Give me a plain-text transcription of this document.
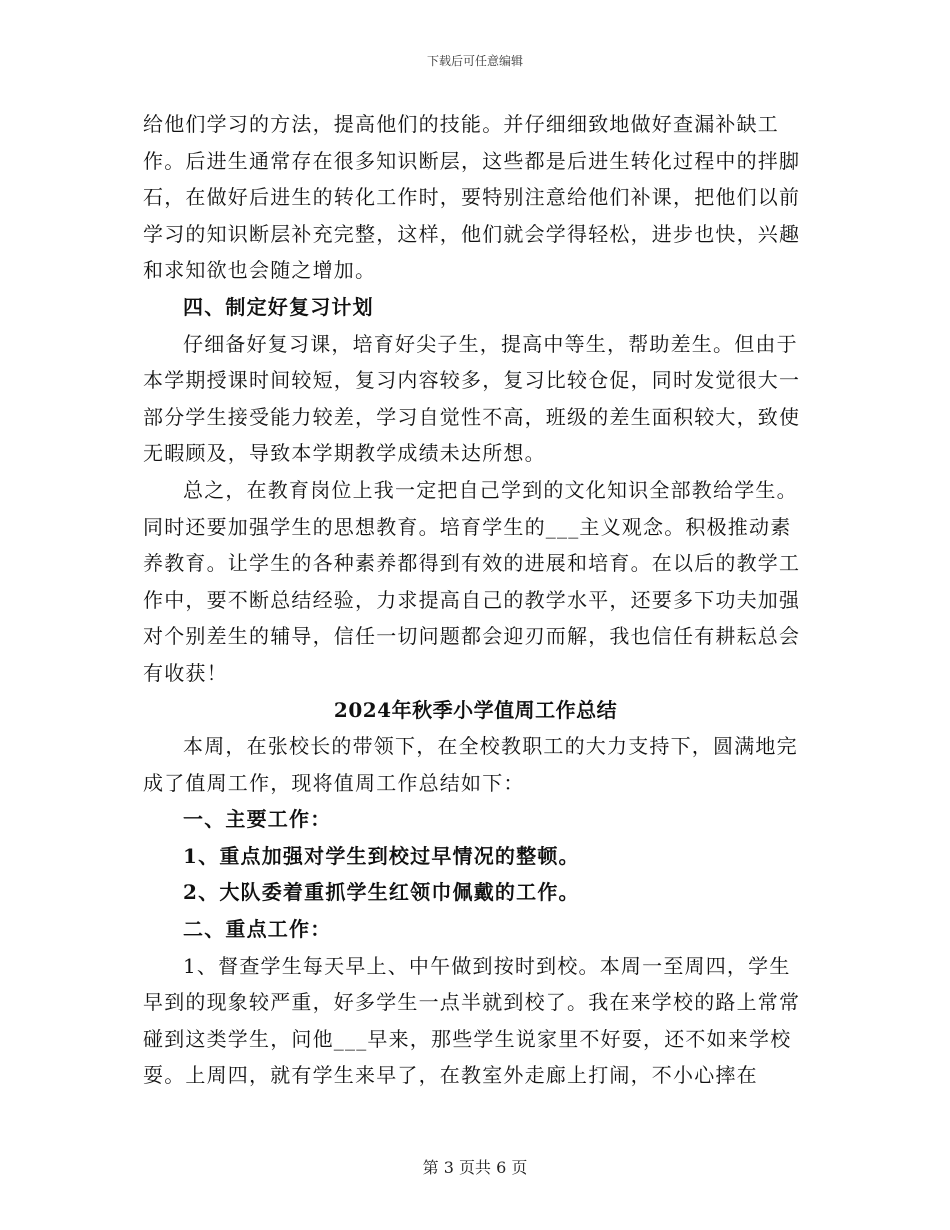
下载后可任意编辑

给他们学习的方法，提高他们的技能。并仔细细致地做好查漏补缺工作。后进生通常存在很多知识断层，这些都是后进生转化过程中的拌脚石，在做好后进生的转化工作时，要特别注意给他们补课，把他们以前学习的知识断层补充完整，这样，他们就会学得轻松，进步也快，兴趣和求知欲也会随之增加。

四、制定好复习计划

仔细备好复习课，培育好尖子生，提高中等生，帮助差生。但由于本学期授课时间较短，复习内容较多，复习比较仓促，同时发觉很大一部分学生接受能力较差，学习自觉性不高，班级的差生面积较大，致使无暇顾及，导致本学期教学成绩未达所想。

总之，在教育岗位上我一定把自己学到的文化知识全部教给学生。同时还要加强学生的思想教育。培育学生的___主义观念。积极推动素养教育。让学生的各种素养都得到有效的进展和培育。在以后的教学工作中，要不断总结经验，力求提高自己的教学水平，还要多下功夫加强对个别差生的辅导，信任一切问题都会迎刃而解，我也信任有耕耘总会有收获！

2024年秋季小学值周工作总结

本周，在张校长的带领下，在全校教职工的大力支持下，圆满地完成了值周工作，现将值周工作总结如下：

一、主要工作：

1、重点加强对学生到校过早情况的整顿。

2、大队委着重抓学生红领巾佩戴的工作。

二、重点工作：

1、督查学生每天早上、中午做到按时到校。本周一至周四，学生早到的现象较严重，好多学生一点半就到校了。我在来学校的路上常常碰到这类学生，问他___早来，那些学生说家里不好耍，还不如来学校耍。上周四，就有学生来早了，在教室外走廊上打闹，不小心摔在

第 3 页共 6 页
